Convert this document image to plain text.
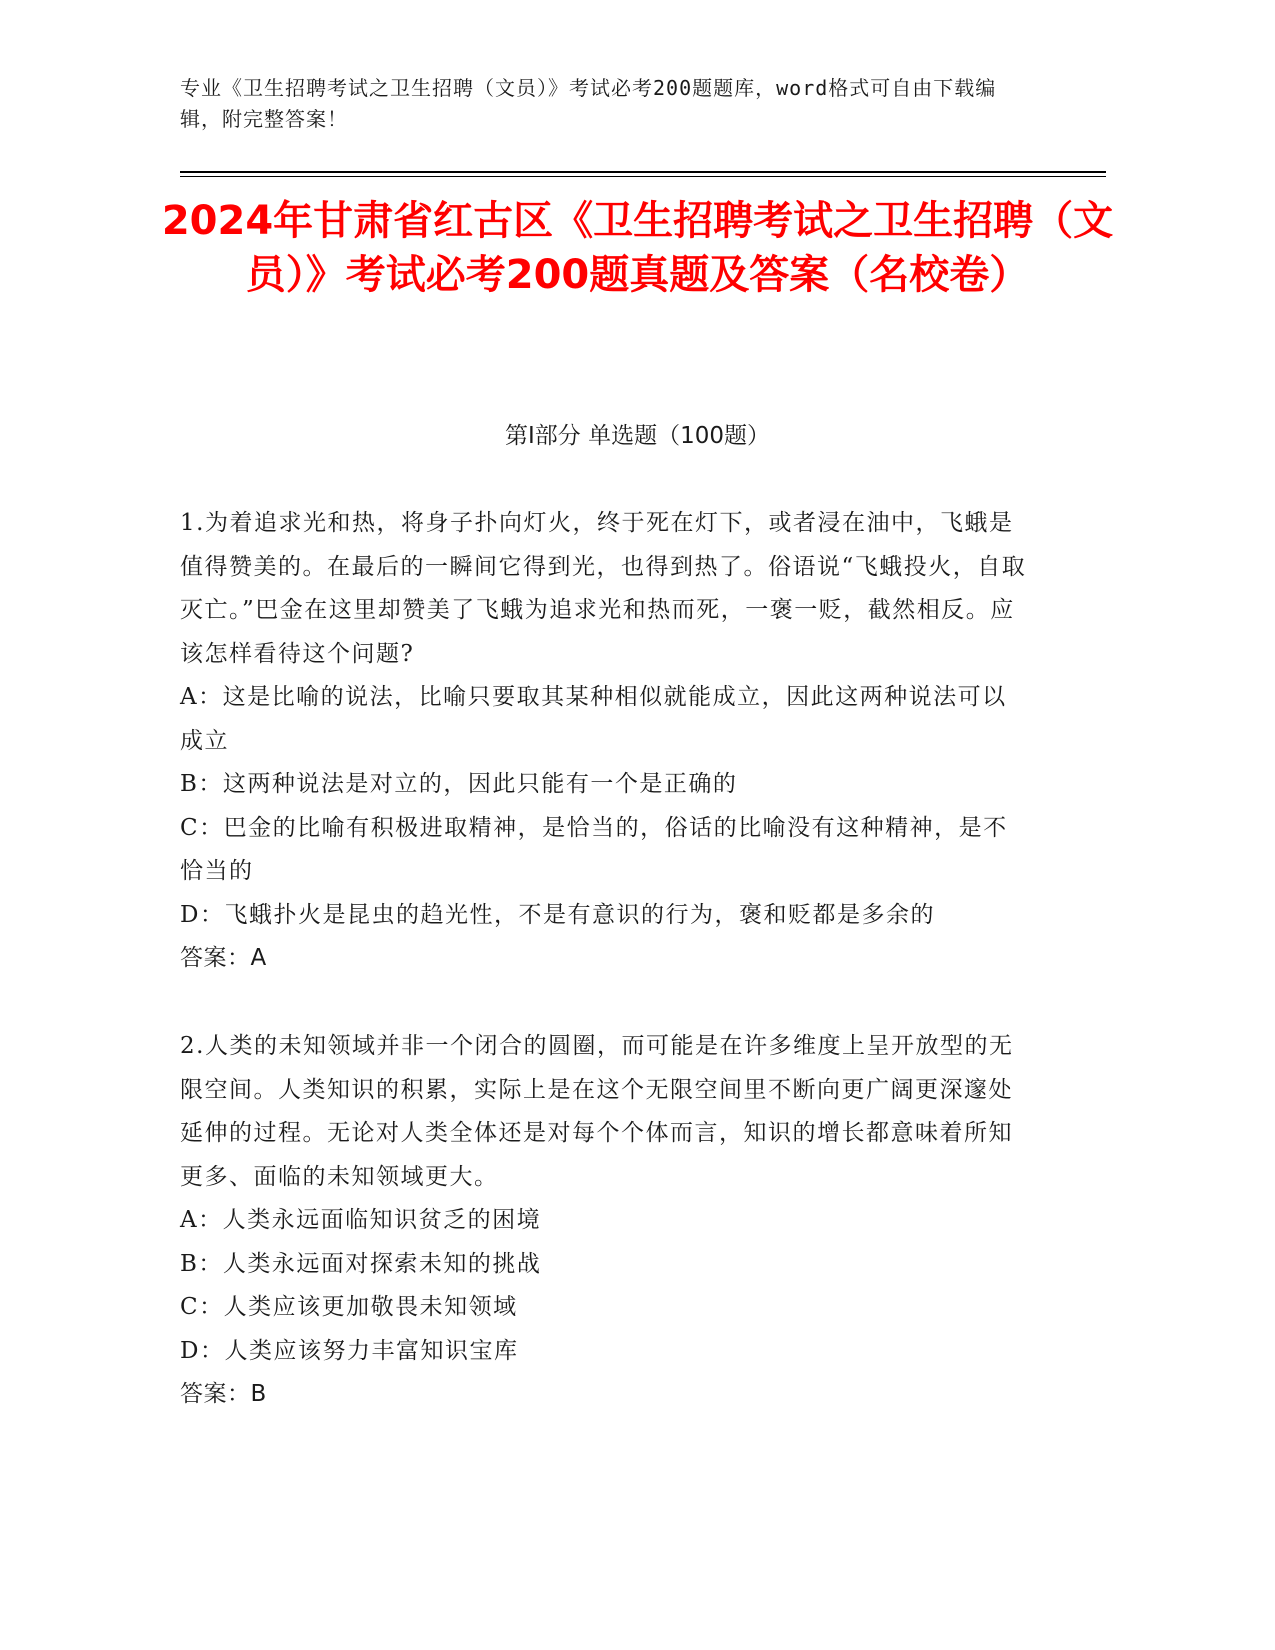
专业《卫生招聘考试之卫生招聘（文员）》考试必考200题题库，word格式可自由下载编辑，附完整答案！
2024年甘肃省红古区《卫生招聘考试之卫生招聘（文员）》考试必考200题真题及答案（名校卷）
第Ⅰ部分 单选题（100题）

1.为着追求光和热，将身子扑向灯火，终于死在灯下，或者浸在油中，飞蛾是值得赞美的。在最后的一瞬间它得到光，也得到热了。俗语说“飞蛾投火，自取灭亡。”巴金在这里却赞美了飞蛾为追求光和热而死，一褒一贬，截然相反。应该怎样看待这个问题?

A：这是比喻的说法，比喻只要取其某种相似就能成立，因此这两种说法可以成立

B：这两种说法是对立的，因此只能有一个是正确的

C：巴金的比喻有积极进取精神，是恰当的，俗话的比喻没有这种精神，是不恰当的

D：飞蛾扑火是昆虫的趋光性，不是有意识的行为，褒和贬都是多余的

答案：A

2.人类的未知领域并非一个闭合的圆圈，而可能是在许多维度上呈开放型的无限空间。人类知识的积累，实际上是在这个无限空间里不断向更广阔更深邃处延伸的过程。无论对人类全体还是对每个个体而言，知识的增长都意味着所知更多、面临的未知领域更大。

A：人类永远面临知识贫乏的困境

B：人类永远面对探索未知的挑战

C：人类应该更加敬畏未知领域

D：人类应该努力丰富知识宝库

答案：B
